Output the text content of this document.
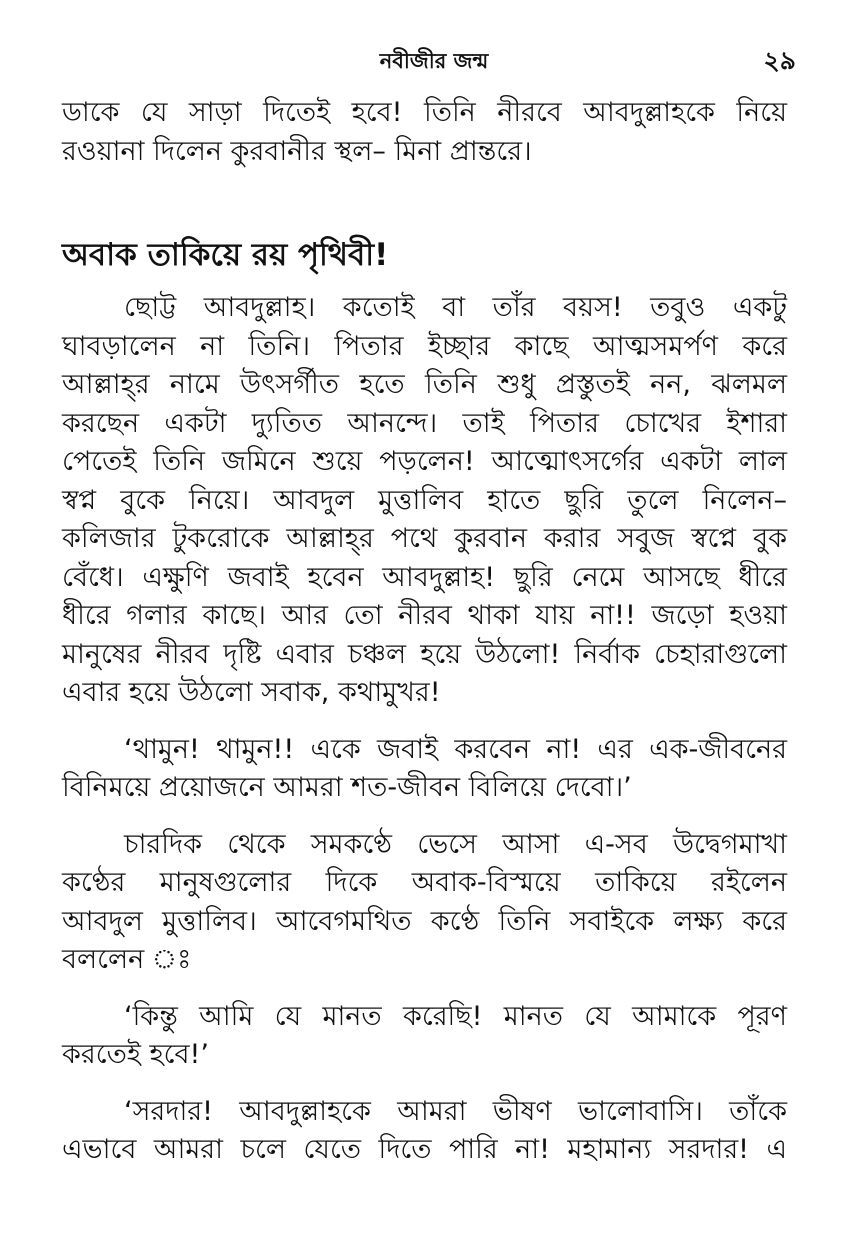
নবীজীর জন্ম	২৯

ডাকে যে সাড়া দিতেই হবে! তিনি নীরবে আবদুল্লাহকে নিয়ে
রওয়ানা দিলেন কুরবানীর স্থল– মিনা প্রান্তরে।

অবাক তাকিয়ে রয় পৃথিবী!

ছোট্ট আবদুল্লাহ। কতোই বা তাঁর বয়স! তবুও একটু
ঘাবড়ালেন না তিনি। পিতার ইচ্ছার কাছে আত্মসমর্পণ করে
আল্লাহ্‌র নামে উৎসর্গীত হতে তিনি শুধু প্রস্তুতই নন, ঝলমল
করছেন একটা দ্যুতিত আনন্দে। তাই পিতার চোখের ইশারা
পেতেই তিনি জমিনে শুয়ে পড়লেন! আত্মোৎসর্গের একটা লাল
স্বপ্ন বুকে নিয়ে। আবদুল মুত্তালিব হাতে ছুরি তুলে নিলেন–
কলিজার টুকরোকে আল্লাহ্‌র পথে কুরবান করার সবুজ স্বপ্নে বুক
বেঁধে। এক্ষুণি জবাই হবেন আবদুল্লাহ! ছুরি নেমে আসছে ধীরে
ধীরে গলার কাছে। আর তো নীরব থাকা যায় না!! জড়ো হওয়া
মানুষের নীরব দৃষ্টি এবার চঞ্চল হয়ে উঠলো! নির্বাক চেহারাগুলো
এবার হয়ে উঠলো সবাক, কথামুখর!

‘থামুন! থামুন!! একে জবাই করবেন না! এর এক-জীবনের
বিনিময়ে প্রয়োজনে আমরা শত-জীবন বিলিয়ে দেবো।’

চারদিক থেকে সমকণ্ঠে ভেসে আসা এ-সব উদ্বেগমাখা
কণ্ঠের মানুষগুলোর দিকে অবাক-বিস্ময়ে তাকিয়ে রইলেন
আবদুল মুত্তালিব। আবেগমথিত কণ্ঠে তিনি সবাইকে লক্ষ্য করে
বললেন ঃ

‘কিন্তু আমি যে মানত করেছি! মানত যে আমাকে পূরণ
করতেই হবে!’

‘সরদার! আবদুল্লাহকে আমরা ভীষণ ভালোবাসি। তাঁকে
এভাবে আমরা চলে যেতে দিতে পারি না! মহামান্য সরদার! এ
